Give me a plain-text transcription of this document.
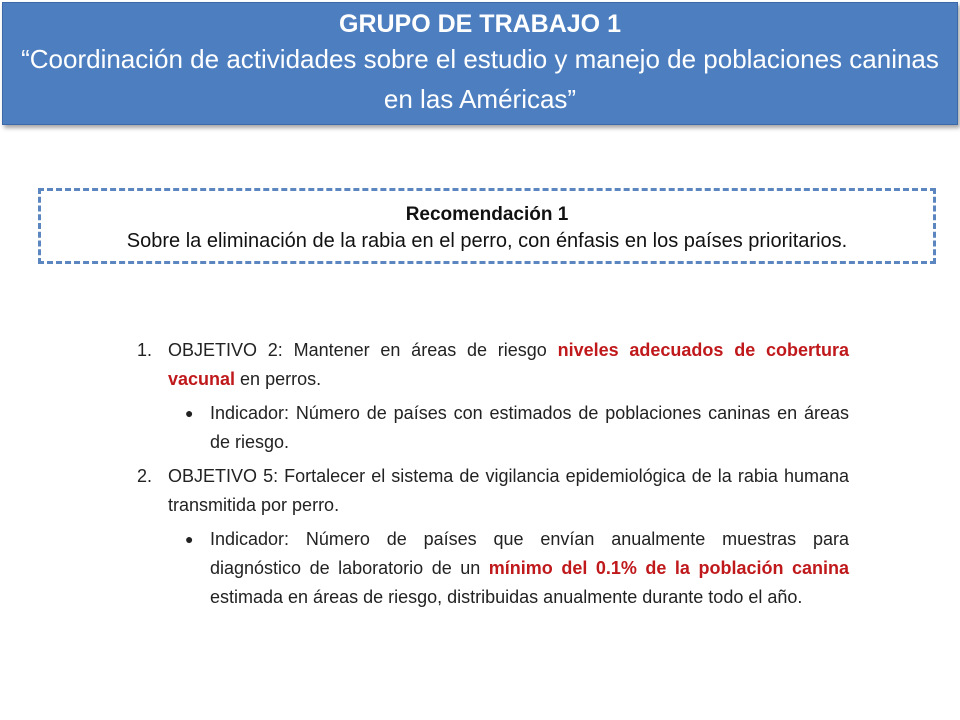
GRUPO DE TRABAJO 1
“Coordinación de actividades sobre el estudio y manejo de poblaciones caninas en las Américas”
Recomendación 1
Sobre la eliminación de la rabia en el perro, con énfasis en los países prioritarios.
1. OBJETIVO 2: Mantener en áreas de riesgo niveles adecuados de cobertura vacunal en perros.
● Indicador: Número de países con estimados de poblaciones caninas en áreas de riesgo.
2. OBJETIVO 5: Fortalecer el sistema de vigilancia epidemiológica de la rabia humana transmitida por perro.
● Indicador: Número de países que envían anualmente muestras para diagnóstico de laboratorio de un mínimo del 0.1% de la población canina estimada en áreas de riesgo, distribuidas anualmente durante todo el año.
